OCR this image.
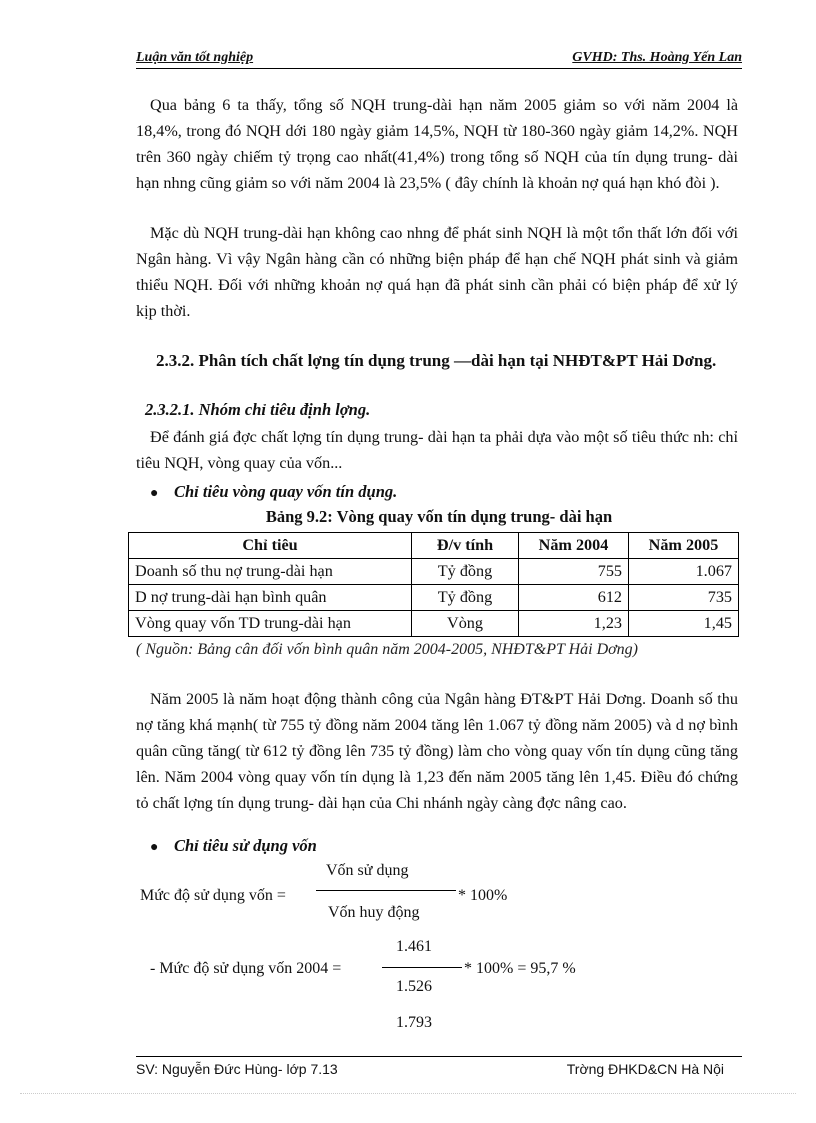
Luận văn tốt nghiệp	GVHD: Ths. Hoàng Yến Lan
Qua bảng 6 ta thấy, tổng số NQH trung-dài hạn năm 2005 giảm so với năm 2004 là 18,4%, trong đó NQH dới 180 ngày giảm 14,5%, NQH từ 180-360 ngày giảm 14,2%. NQH trên 360 ngày chiếm tỷ trọng cao nhất(41,4%) trong tổng số NQH của tín dụng trung- dài hạn nhng cũng giảm so với năm 2004 là 23,5% ( đây chính là khoản nợ quá hạn khó đòi ).
Mặc dù NQH trung-dài hạn không cao nhng để phát sinh NQH là một tổn thất lớn đối với Ngân hàng. Vì vậy Ngân hàng cần có những biện pháp để hạn chế NQH phát sinh và giảm thiểu NQH. Đối với những khoản nợ quá hạn đã phát sinh cần phải có biện pháp để xử lý kịp thời.
2.3.2. Phân tích chất lợng tín dụng trung —dài hạn tại NHĐT&PT Hải Dơng.
2.3.2.1. Nhóm chỉ tiêu định lợng.
Để đánh giá đợc chất lợng tín dụng trung- dài hạn ta phải dựa vào một số tiêu thức nh: chỉ tiêu NQH, vòng quay của vốn...
● Chỉ tiêu vòng quay vốn tín dụng.
Bảng 9.2: Vòng quay vốn tín dụng trung- dài hạn
Chỉ tiêu	Đ/v tính	Năm 2004	Năm 2005
Doanh số thu nợ trung-dài hạn	Tỷ đồng	755	1.067
D nợ trung-dài hạn bình quân	Tỷ đồng	612	735
Vòng quay vốn TD trung-dài hạn	Vòng	1,23	1,45
( Nguồn: Bảng cân đối vốn bình quân năm 2004-2005, NHĐT&PT Hải Dơng)
Năm 2005 là năm hoạt động thành công của Ngân hàng ĐT&PT Hải Dơng. Doanh số thu nợ tăng khá mạnh( từ 755 tỷ đồng năm 2004 tăng lên 1.067 tỷ đồng năm 2005) và d nợ bình quân cũng tăng( từ 612 tỷ đồng lên 735 tỷ đồng) làm cho vòng quay vốn tín dụng cũng tăng lên. Năm 2004 vòng quay vốn tín dụng là 1,23 đến năm 2005 tăng lên 1,45. Điều đó chứng tỏ chất lợng tín dụng trung- dài hạn của Chi nhánh ngày càng đợc nâng cao.
● Chỉ tiêu sử dụng vốn
Vốn sử dụng
Mức độ sử dụng vốn =	* 100%
Vốn huy động
1.461
- Mức độ sử dụng vốn 2004 =	* 100% = 95,7 %
1.526
1.793
SV: Nguyễn Đức Hùng- lớp 7.13	Trờng ĐHKD&CN Hà Nội
